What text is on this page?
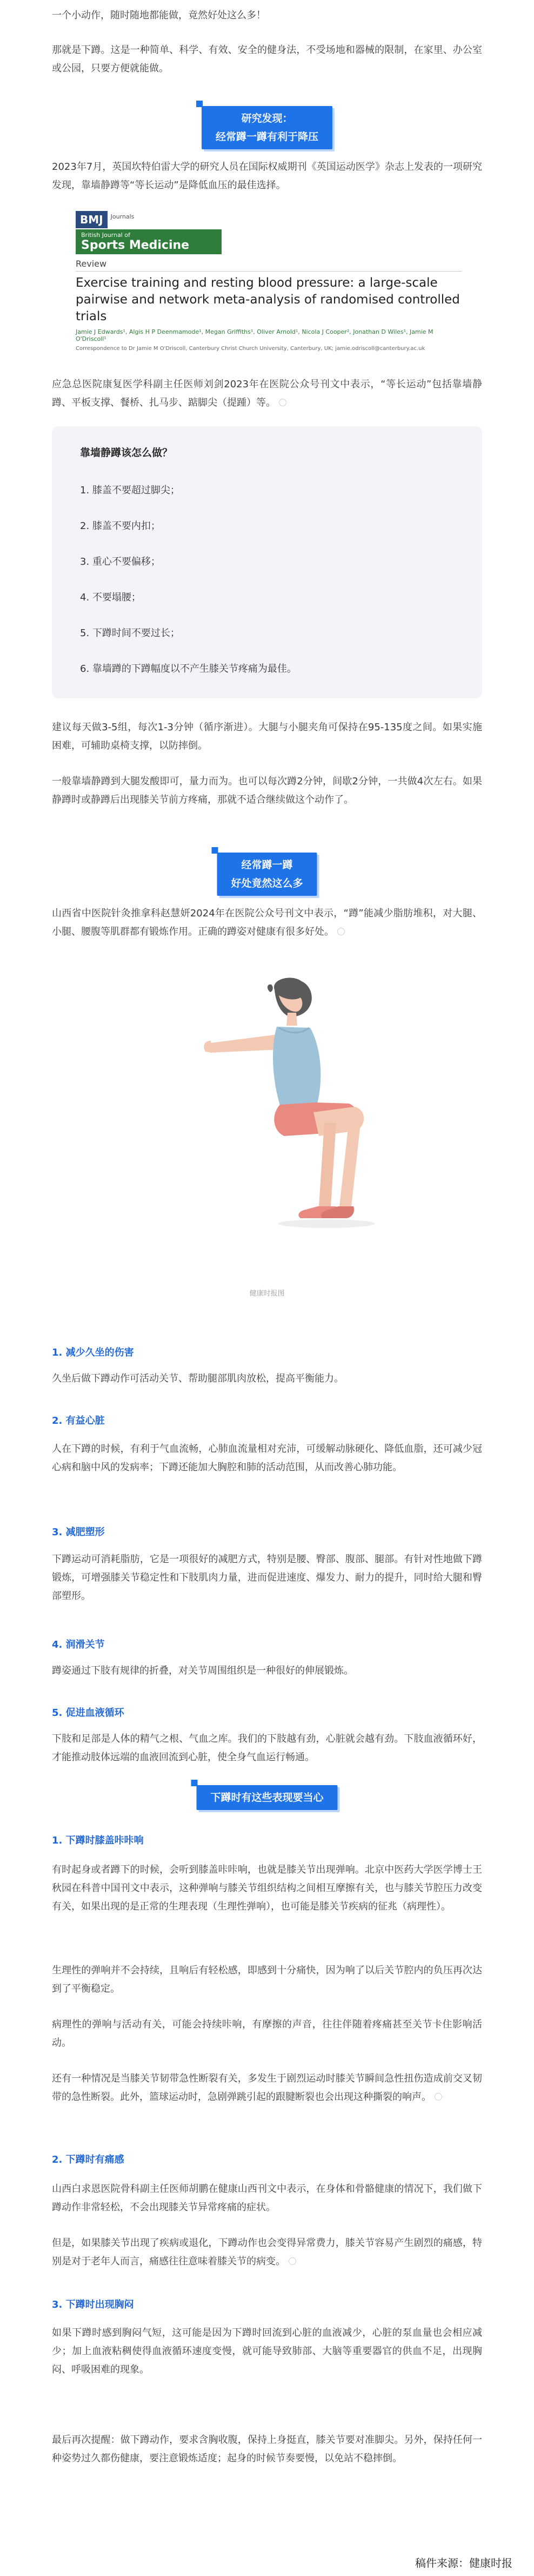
一个小动作，随时随地都能做，竟然好处这么多！

那就是下蹲。这是一种简单、科学、有效、安全的健身法，不受场地和器械的限制，在家里、办公室或公园，只要方便就能做。

研究发现：
经常蹲一蹲有利于降压

2023年7月，英国坎特伯雷大学的研究人员在国际权威期刊《英国运动医学》杂志上发表的一项研究发现，靠墙静蹲等“等长运动”是降低血压的最佳选择。

BMJ	Journals
British Journal of
Sports Medicine
Review
Exercise training and resting blood pressure: a large-scale pairwise and network meta-analysis of randomised controlled trials
Jamie J Edwards¹, Algis H P Deenmamode¹, Megan Griffiths¹, Oliver Arnold¹, Nicola J Cooper², Jonathan D Wiles¹, Jamie M O'Driscoll¹
Correspondence to Dr Jamie M O'Driscoll, Canterbury Christ Church University, Canterbury, UK; jamie.odriscoll@canterbury.ac.uk

应急总医院康复医学科副主任医师刘剑2023年在医院公众号刊文中表示，“等长运动”包括靠墙静蹲、平板支撑、餐桥、扎马步、踮脚尖（提踵）等。

靠墙静蹲该怎么做？
1. 膝盖不要超过脚尖；
2. 膝盖不要内扣；
3. 重心不要偏移；
4. 不要塌腰；
5. 下蹲时间不要过长；
6. 靠墙蹲的下蹲幅度以不产生膝关节疼痛为最佳。

建议每天做3-5组，每次1-3分钟（循序渐进）。大腿与小腿夹角可保持在95-135度之间。如果实施困难，可辅助桌椅支撑，以防摔倒。

一般靠墙静蹲到大腿发酸即可，量力而为。也可以每次蹲2分钟，间歇2分钟，一共做4次左右。如果静蹲时或静蹲后出现膝关节前方疼痛，那就不适合继续做这个动作了。

经常蹲一蹲
好处竟然这么多

山西省中医院针灸推拿科赵慧妍2024年在医院公众号刊文中表示，“蹲”能减少脂肪堆积，对大腿、小腿、腰腹等肌群都有锻炼作用。正确的蹲姿对健康有很多好处。

健康时报图
1. 减少久坐的伤害

久坐后做下蹲动作可活动关节、帮助腿部肌肉放松，提高平衡能力。

2. 有益心脏

人在下蹲的时候，有利于气血流畅，心肺血流量相对充沛，可缓解动脉硬化、降低血脂，还可减少冠心病和脑中风的发病率；下蹲还能加大胸腔和肺的活动范围，从而改善心肺功能。

3. 减肥塑形

下蹲运动可消耗脂肪，它是一项很好的减肥方式，特别是腰、臀部、腹部、腿部。有针对性地做下蹲锻炼，可增强膝关节稳定性和下肢肌肉力量，进而促进速度、爆发力、耐力的提升，同时给大腿和臀部塑形。

4. 润滑关节

蹲姿通过下肢有规律的折叠，对关节周围组织是一种很好的伸展锻炼。

5. 促进血液循环

下肢和足部是人体的精气之根、气血之库。我们的下肢越有劲，心脏就会越有劲。下肢血液循环好，才能推动肢体远端的血液回流到心脏，使全身气血运行畅通。

下蹲时有这些表现要当心
1. 下蹲时膝盖咔咔响

有时起身或者蹲下的时候，会听到膝盖咔咔响，也就是膝关节出现弹响。北京中医药大学医学博士王秋园在科普中国刊文中表示，这种弹响与膝关节组织结构之间相互摩擦有关，也与膝关节腔压力改变有关，如果出现的是正常的生理表现（生理性弹响），也可能是膝关节疾病的征兆（病理性）。

生理性的弹响并不会持续，且响后有轻松感，即感到十分痛快，因为响了以后关节腔内的负压再次达到了平衡稳定。

病理性的弹响与活动有关，可能会持续咔响，有摩擦的声音，往往伴随着疼痛甚至关节卡住影响活动。

还有一种情况是当膝关节韧带急性断裂有关，多发生于剧烈运动时膝关节瞬间急性扭伤造成前交叉韧带的急性断裂。此外，篮球运动时，急剧弹跳引起的跟腱断裂也会出现这种撕裂的响声。

2. 下蹲时有痛感

山西白求恩医院骨科副主任医师胡鹏在健康山西刊文中表示，在身体和骨骼健康的情况下，我们做下蹲动作非常轻松，不会出现膝关节异常疼痛的症状。

但是，如果膝关节出现了疾病或退化，下蹲动作也会变得异常费力，膝关节容易产生剧烈的痛感，特别是对于老年人而言，痛感往往意味着膝关节的病变。

3. 下蹲时出现胸闷

如果下蹲时感到胸闷气短，这可能是因为下蹲时回流到心脏的血液减少，心脏的泵血量也会相应减少；加上血液粘稠使得血液循环速度变慢，就可能导致肺部、大脑等重要器官的供血不足，出现胸闷、呼吸困难的现象。

最后再次提醒：做下蹲动作，要求含胸收腹，保持上身挺直，膝关节要对准脚尖。另外，保持任何一种姿势过久都伤健康，要注意锻炼适度；起身的时候节奏要慢，以免站不稳摔倒。

稿件来源：健康时报
